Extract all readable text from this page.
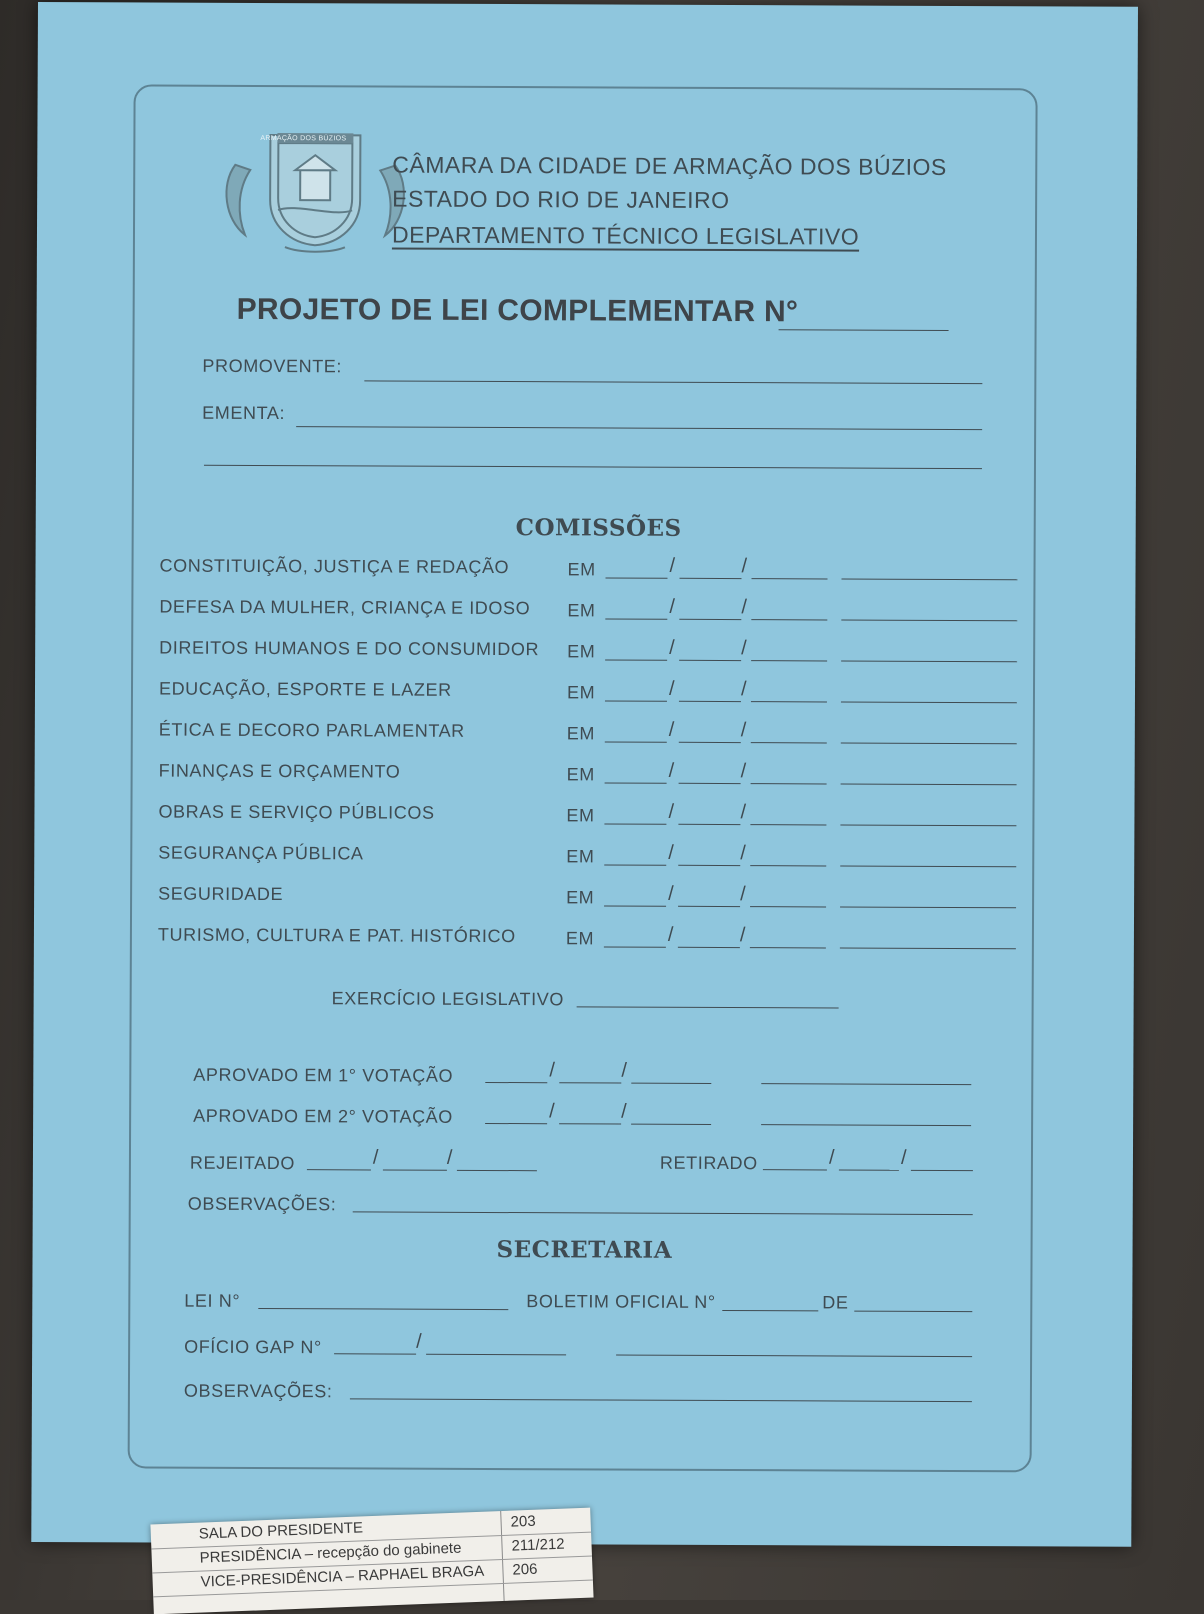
ARMAÇÃO DOS BÚZIOS
CÂMARA DA CIDADE DE ARMAÇÃO DOS BÚZIOS
ESTADO DO RIO DE JANEIRO
DEPARTAMENTO TÉCNICO LEGISLATIVO
PROJETO DE LEI COMPLEMENTAR N°
PROMOVENTE:
EMENTA:
COMISSÕES
CONSTITUIÇÃO, JUSTIÇA E REDAÇÃO	EM	/	/
DEFESA DA MULHER, CRIANÇA E IDOSO EM	/	/
DIREITOS HUMANOS E DO CONSUMIDOR EM	/	/
EDUCAÇÃO, ESPORTE E LAZER	EM	/	/
ÉTICA E DECORO PARLAMENTAR	EM	/	/
FINANÇAS E ORÇAMENTO	EM	/	/
OBRAS E SERVIÇO PÚBLICOS	EM	/	/
SEGURANÇA PÚBLICA	EM	/	/
SEGURIDADE	EM	/	/
TURISMO, CULTURA E PAT. HISTÓRICO	EM	/	/
EXERCÍCIO LEGISLATIVO
APROVADO EM 1° VOTAÇÃO	/	/
APROVADO EM 2° VOTAÇÃO	/	/
REJEITADO	/	/	RETIRADO	/	/
OBSERVAÇÕES:
SECRETARIA
LEI N°	BOLETIM OFICIAL N°	DE
OFÍCIO GAP N°	/
OBSERVAÇÕES:
SALA DO PRESIDENTE	203
PRESIDÊNCIA – recepção do gabinete	211/212
VICE-PRESIDÊNCIA – RAPHAEL BRAGA 206
